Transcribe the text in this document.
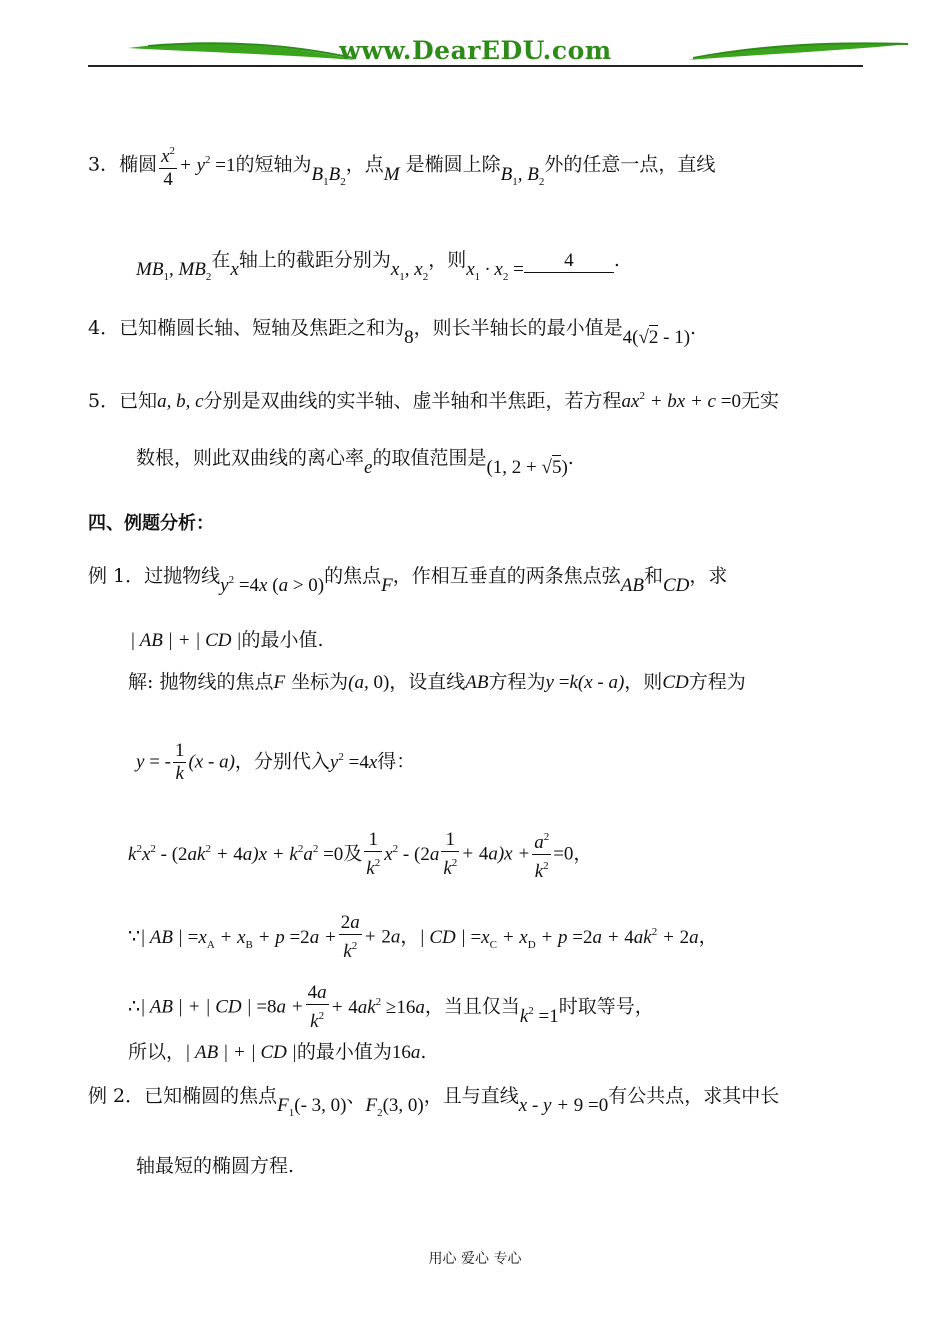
www.DearEDU.com
3．椭圆 $\frac{x^2}{4} + y^2 =1$的短轴为$B_1B_2$，点M 是椭圆上除$B_1$, $B_2$外的任意一点，直线
$MB_1$, $MB_2$在x轴上的截距分别为$x_1$, $x_2$，则$x_1 \cdot x_2 = 4$ .
4．已知椭圆长轴、短轴及焦距之和为8，则长半轴长的最小值是4(√2 - 1).
5．已知a, b, c分别是双曲线的实半轴、虚半轴和半焦距，若方程$ax^2$ + bx + c =0无实
数根，则此双曲线的离心率e的取值范围是(1, 2 + √5).
四、例题分析：
例 1．过抛物线$y^2 =4x$ (a > 0)的焦点F，作相互垂直的两条焦点弦AB和CD，求
| AB | + | CD |的最小值.
解: 抛物线的焦点F 坐标为(a, 0)，设直线AB方程为y =k(x - a)，则CD方程为
y = - $\frac{1}{k} (x - a)$，分别代入$y^2 =4x$得：
$k^2x^2 - (2ak^2 + 4a)x + k^2a^2 =0$及 $\frac{1}{k^2} x^2 - (2a \frac{1}{k^2} + 4a)x + \frac{a^2}{k^2} =0$，
∵| AB | $=x_A + x_B + p =2a + \frac{2a}{k^2} + 2a$，| CD | $=x_C + x_D + p =2a + 4ak^2 + 2a$，
∴| AB | + | CD | $=8a + \frac{4a}{k^2} + 4ak^2 \ge 16a$，当且仅当$k^2 =1$时取等号，
所以，| AB | + | CD |的最小值为16a.
例 2．已知椭圆的焦点$F_1(-$ 3, 0)、$F_2(3$, 0)，且与直线x - y + 9 =0有公共点，求其中长
轴最短的椭圆方程.
用心 爱心 专心
